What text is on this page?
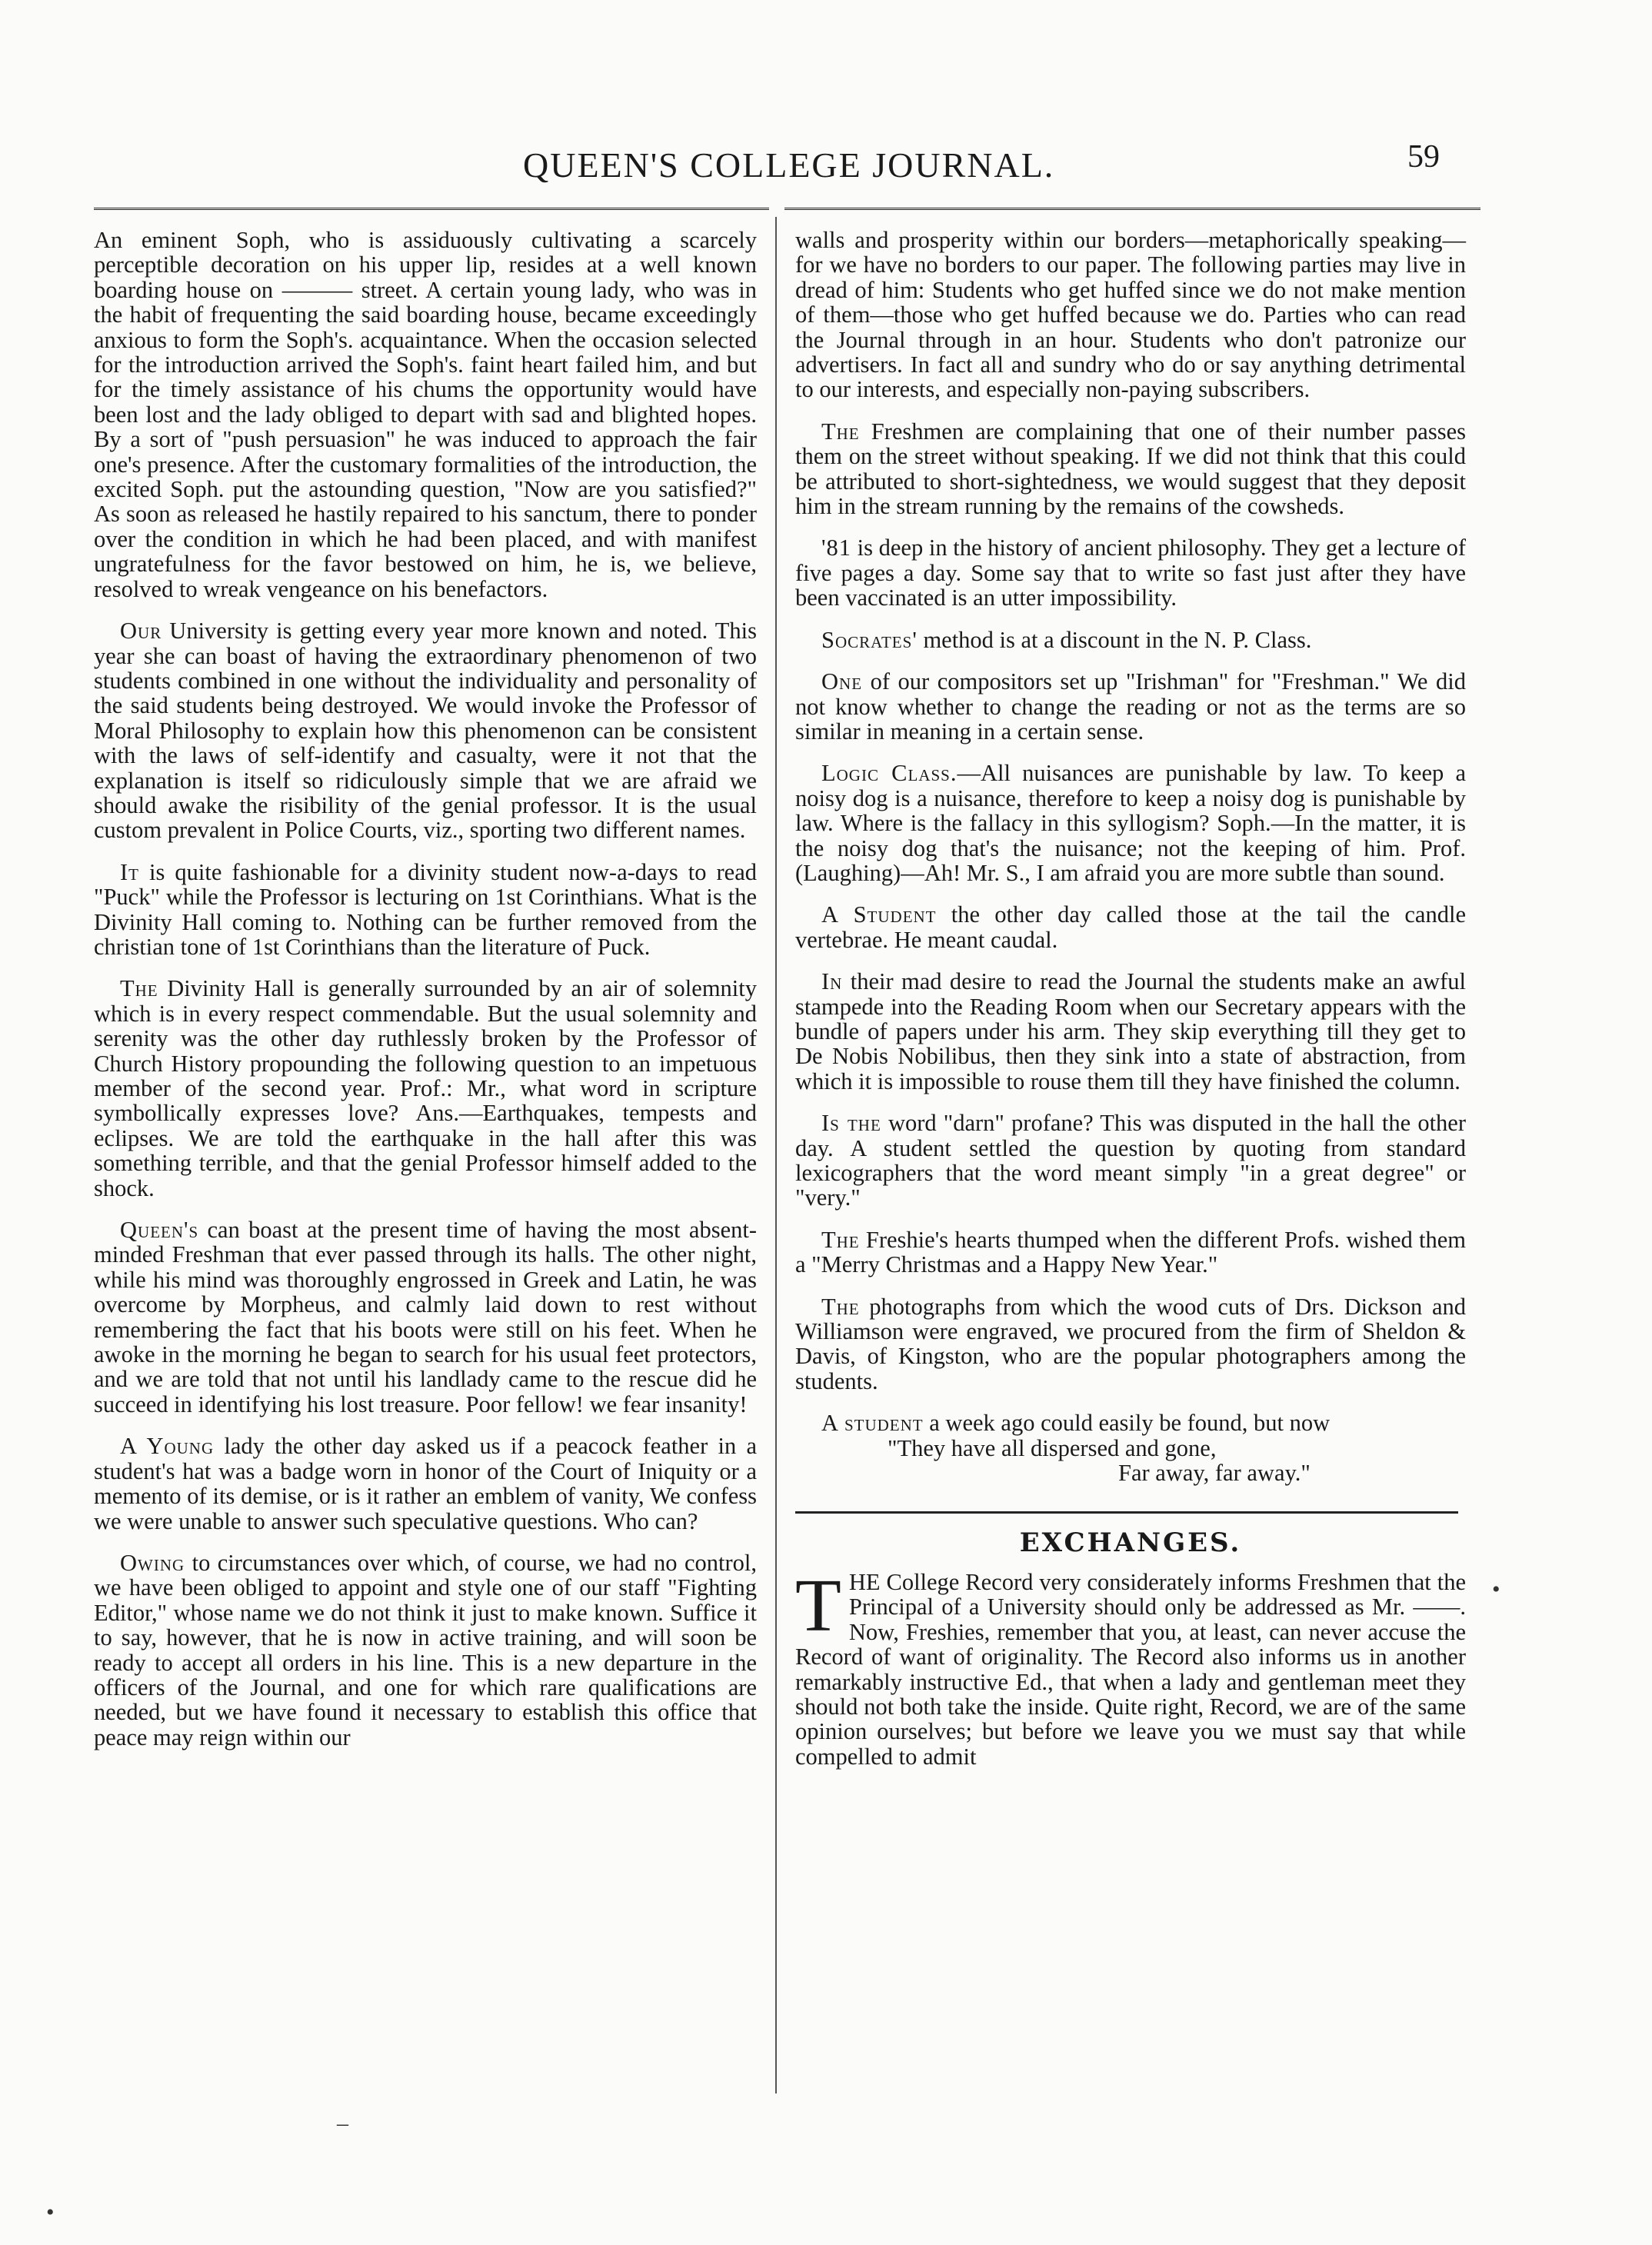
QUEEN'S COLLEGE JOURNAL.	59

An eminent Soph, who is assiduously cultivating a scarcely perceptible decoration on his upper lip, resides at a well known boarding house on ——— street. A certain young lady, who was in the habit of frequenting the said boarding house, became exceedingly anxious to form the Soph's. acquaintance. When the occasion selected for the introduction arrived the Soph's. faint heart failed him, and but for the timely assistance of his chums the opportunity would have been lost and the lady obliged to depart with sad and blighted hopes. By a sort of "push persuasion" he was induced to approach the fair one's presence. After the customary formalities of the introduction, the excited Soph. put the astounding question, "Now are you satisfied?" As soon as released he hastily repaired to his sanctum, there to ponder over the condition in which he had been placed, and with manifest ungratefulness for the favor bestowed on him, he is, we believe, resolved to wreak vengeance on his benefactors.

Our University is getting every year more known and noted. This year she can boast of having the extraordinary phenomenon of two students combined in one without the individuality and personality of the said students being destroyed. We would invoke the Professor of Moral Philosophy to explain how this phenomenon can be consistent with the laws of self-identify and casualty, were it not that the explanation is itself so ridiculously simple that we are afraid we should awake the risibility of the genial professor. It is the usual custom prevalent in Police Courts, viz., sporting two different names.

It is quite fashionable for a divinity student now-a-days to read "Puck" while the Professor is lecturing on 1st Corinthians. What is the Divinity Hall coming to. Nothing can be further removed from the christian tone of 1st Corinthians than the literature of Puck.

The Divinity Hall is generally surrounded by an air of solemnity which is in every respect commendable. But the usual solemnity and serenity was the other day ruthlessly broken by the Professor of Church History propounding the following question to an impetuous member of the second year. Prof.: Mr., what word in scripture symbollically expresses love? Ans.—Earthquakes, tempests and eclipses. We are told the earthquake in the hall after this was something terrible, and that the genial Professor himself added to the shock.

Queen's can boast at the present time of having the most absent-minded Freshman that ever passed through its halls. The other night, while his mind was thoroughly engrossed in Greek and Latin, he was overcome by Morpheus, and calmly laid down to rest without remembering the fact that his boots were still on his feet. When he awoke in the morning he began to search for his usual feet protectors, and we are told that not until his landlady came to the rescue did he succeed in identifying his lost treasure. Poor fellow! we fear insanity!

A Young lady the other day asked us if a peacock feather in a student's hat was a badge worn in honor of the Court of Iniquity or a memento of its demise, or is it rather an emblem of vanity, We confess we were unable to answer such speculative questions. Who can?

Owing to circumstances over which, of course, we had no control, we have been obliged to appoint and style one of our staff "Fighting Editor," whose name we do not think it just to make known. Suffice it to say, however, that he is now in active training, and will soon be ready to accept all orders in his line. This is a new departure in the officers of the Journal, and one for which rare qualifications are needed, but we have found it necessary to establish this office that peace may reign within our

walls and prosperity within our borders—metaphorically speaking—for we have no borders to our paper. The following parties may live in dread of him: Students who get huffed since we do not make mention of them—those who get huffed because we do. Parties who can read the Journal through in an hour. Students who don't patronize our advertisers. In fact all and sundry who do or say anything detrimental to our interests, and especially non-paying subscribers.

The Freshmen are complaining that one of their number passes them on the street without speaking. If we did not think that this could be attributed to short-sightedness, we would suggest that they deposit him in the stream running by the remains of the cowsheds.

'81 is deep in the history of ancient philosophy. They get a lecture of five pages a day. Some say that to write so fast just after they have been vaccinated is an utter impossibility.

Socrates' method is at a discount in the N. P. Class.

One of our compositors set up "Irishman" for "Freshman." We did not know whether to change the reading or not as the terms are so similar in meaning in a certain sense.

Logic Class.—All nuisances are punishable by law. To keep a noisy dog is a nuisance, therefore to keep a noisy dog is punishable by law. Where is the fallacy in this syllogism? Soph.—In the matter, it is the noisy dog that's the nuisance; not the keeping of him. Prof. (Laughing)—Ah! Mr. S., I am afraid you are more subtle than sound.

A Student the other day called those at the tail the candle vertebrae. He meant caudal.

In their mad desire to read the Journal the students make an awful stampede into the Reading Room when our Secretary appears with the bundle of papers under his arm. They skip everything till they get to De Nobis Nobilibus, then they sink into a state of abstraction, from which it is impossible to rouse them till they have finished the column.

Is the word "darn" profane? This was disputed in the hall the other day. A student settled the question by quoting from standard lexicographers that the word meant simply "in a great degree" or "very."

The Freshie's hearts thumped when the different Profs. wished them a "Merry Christmas and a Happy New Year."

The photographs from which the wood cuts of Drs. Dickson and Williamson were engraved, we procured from the firm of Sheldon & Davis, of Kingston, who are the popular photographers among the students.

A student a week ago could easily be found, but now
"They have all dispersed and gone,
Far away, far away."
EXCHANGES.

THE College Record very considerately informs Freshmen that the Principal of a University should only be addressed as Mr. ——. Now, Freshies, remember that you, at least, can never accuse the Record of want of originality. The Record also informs us in another remarkably instructive Ed., that when a lady and gentleman meet they should not both take the inside. Quite right, Record, we are of the same opinion ourselves; but before we leave you we must say that while compelled to admit

–
•
•
